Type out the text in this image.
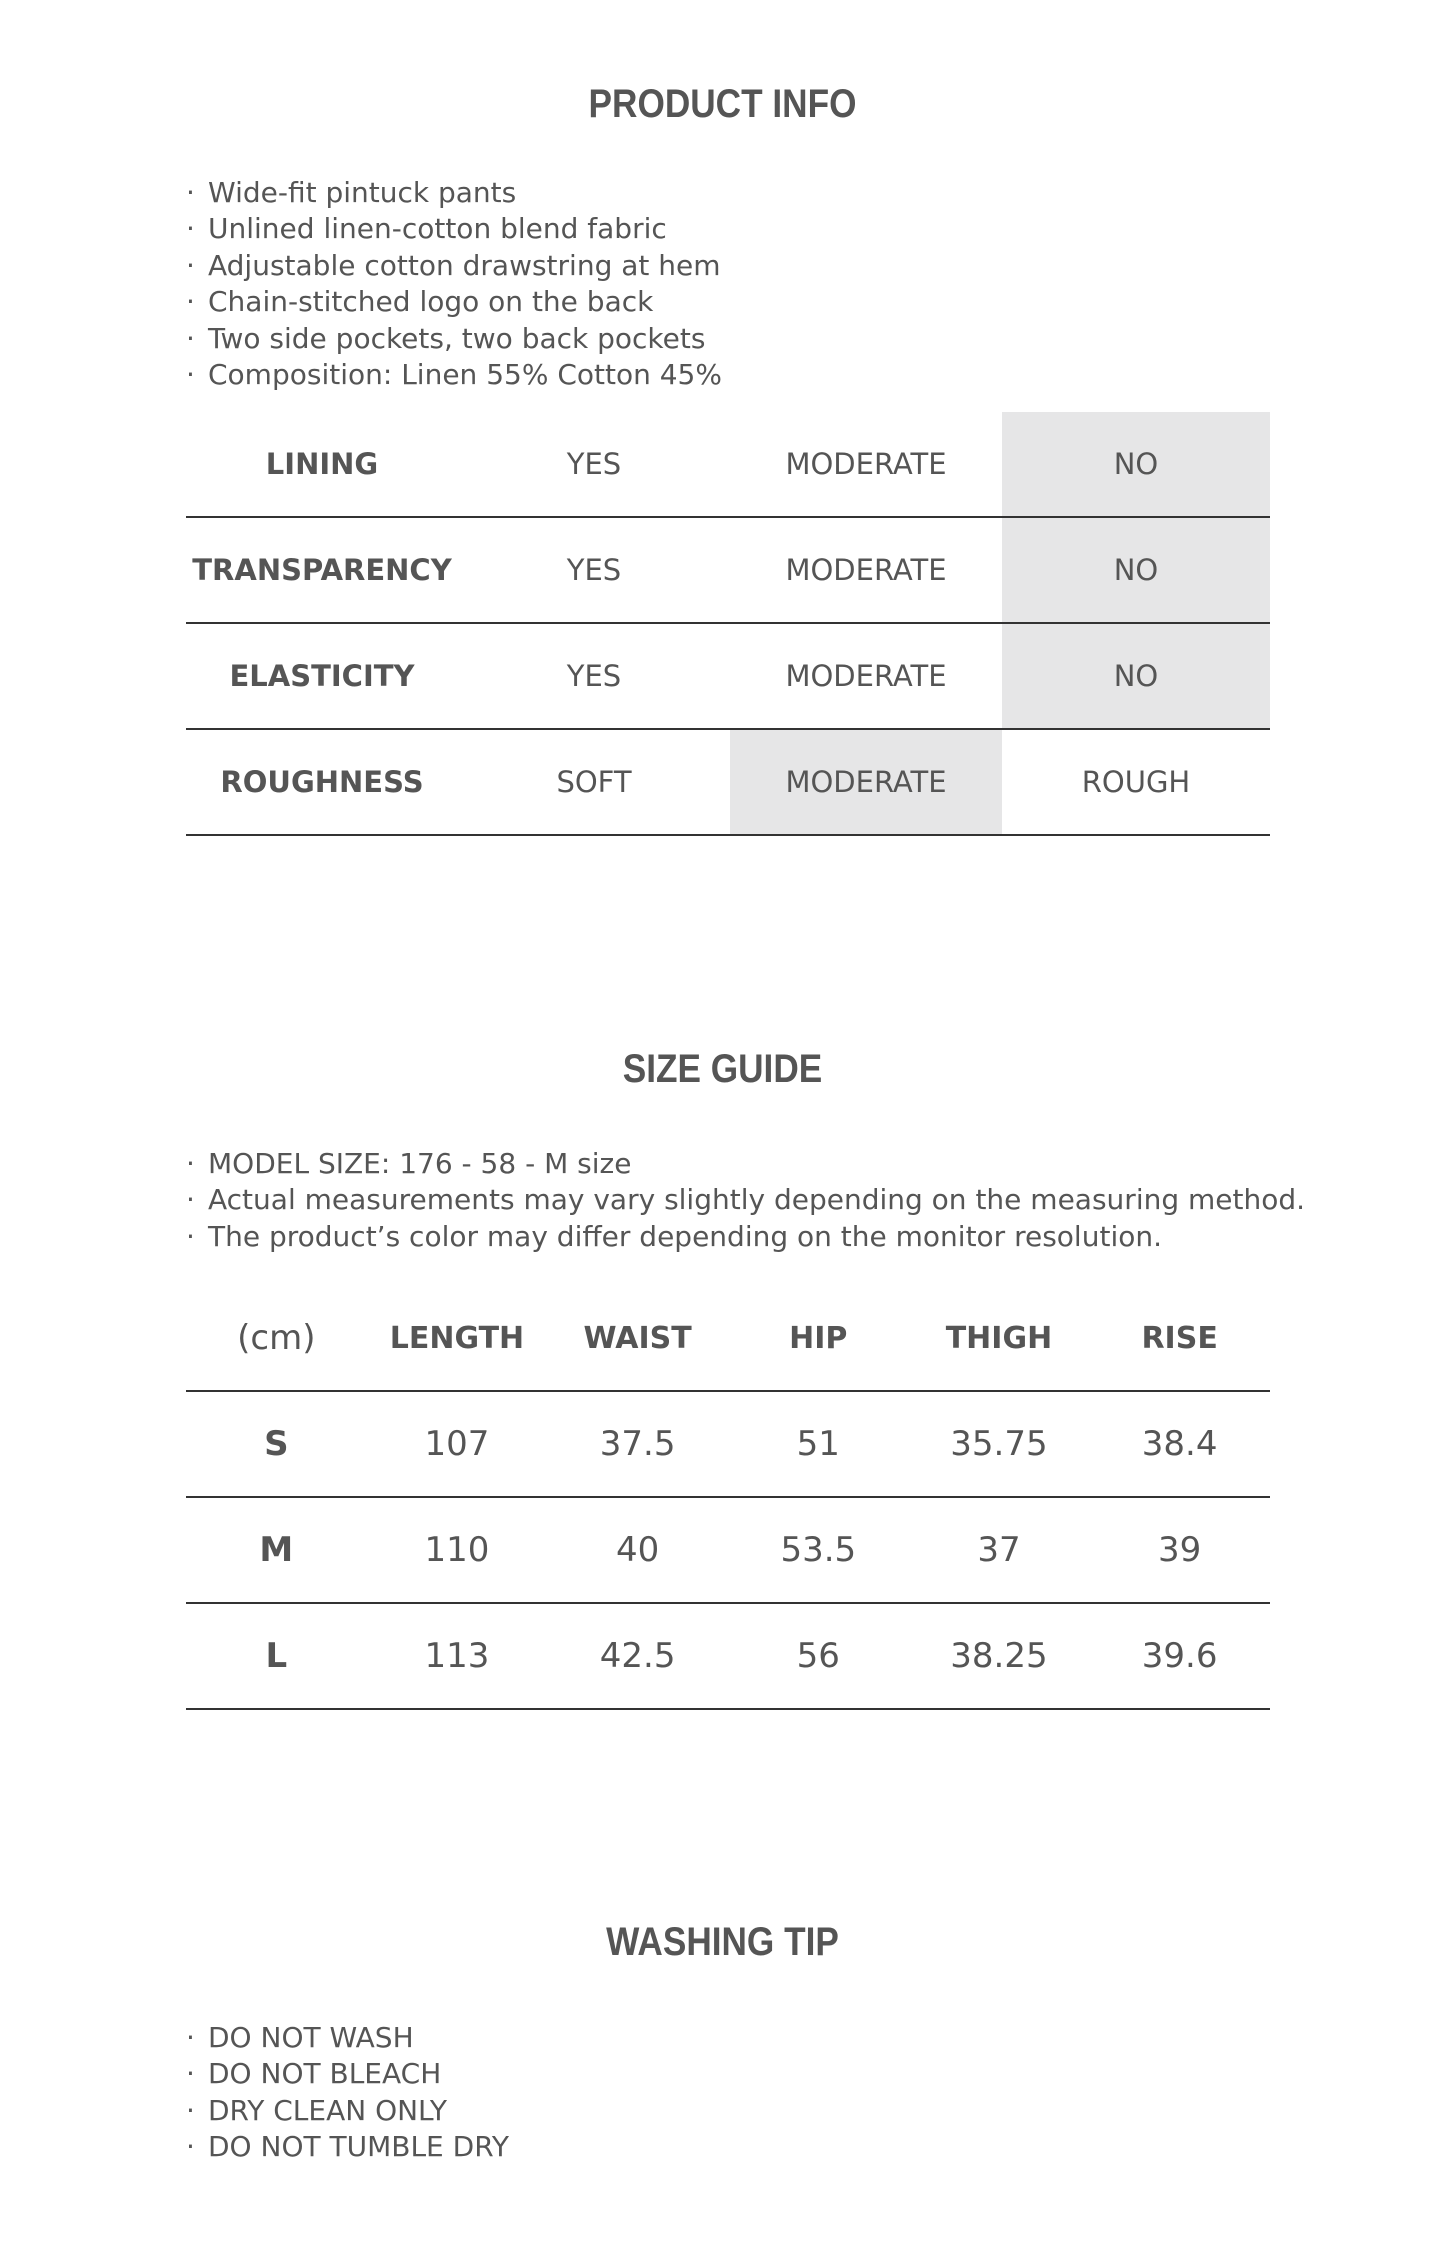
PRODUCT INFO
· Wide-fit pintuck pants
· Unlined linen-cotton blend fabric
· Adjustable cotton drawstring at hem
· Chain-stitched logo on the back
· Two side pockets, two back pockets
· Composition: Linen 55% Cotton 45%
LINING	YES	MODERATE	NO
TRANSPARENCY	YES	MODERATE	NO
ELASTICITY	YES	MODERATE	NO
ROUGHNESS	SOFT	MODERATE	ROUGH
SIZE GUIDE
· MODEL SIZE: 176 - 58 - M size
· Actual measurements may vary slightly depending on the measuring method.
· The product’s color may differ depending on the monitor resolution.
(cm)	LENGTH	WAIST	HIP	THIGH	RISE
S	107	37.5	51	35.75	38.4
M	110	40	53.5	37	39
L	113	42.5	56	38.25	39.6
WASHING TIP
· DO NOT WASH
· DO NOT BLEACH
· DRY CLEAN ONLY
· DO NOT TUMBLE DRY
